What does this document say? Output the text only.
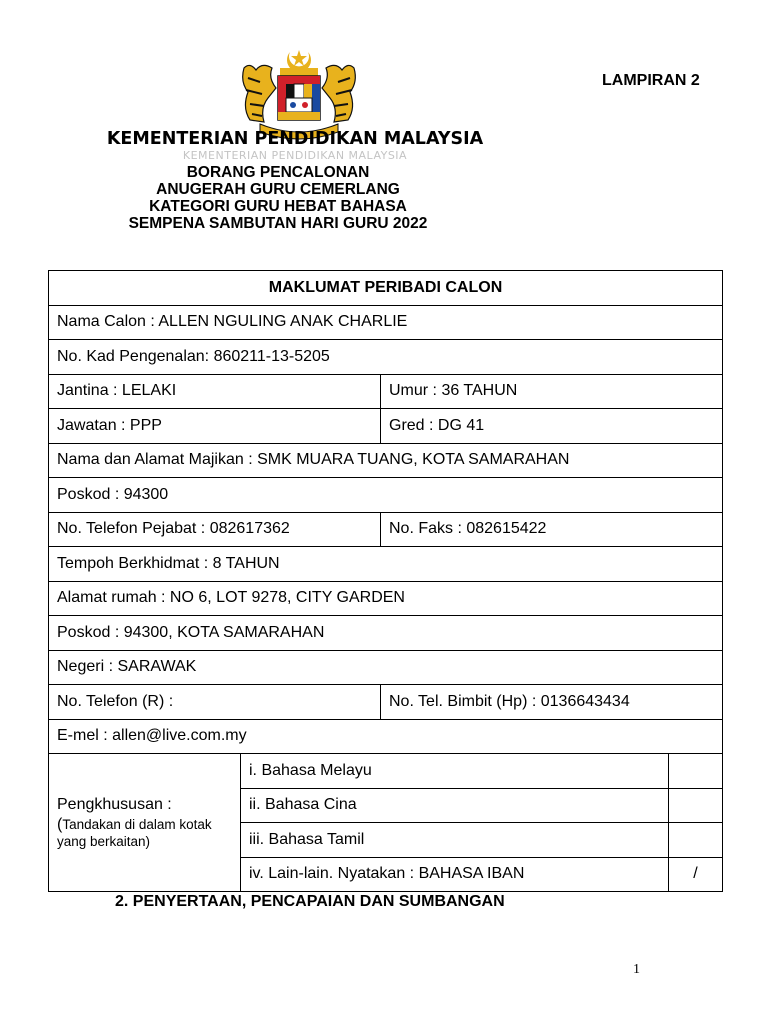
LAMPIRAN 2
KEMENTERIAN PENDIDIKAN MALAYSIA
KEMENTERIAN PENDIDIKAN MALAYSIA
BORANG PENCALONAN
ANUGERAH GURU CEMERLANG
KATEGORI GURU HEBAT BAHASA
SEMPENA SAMBUTAN HARI GURU 2022
MAKLUMAT PERIBADI CALON			
Nama Calon : ALLEN NGULING ANAK CHARLIE			
No. Kad Pengenalan: 860211-13-5205			
Jantina : LELAKI		Umur : 36 TAHUN	
Jawatan : PPP		Gred : DG 41	
Nama dan Alamat Majikan : SMK MUARA TUANG, KOTA SAMARAHAN			
Poskod : 94300			
No. Telefon Pejabat : 082617362		No. Faks : 082615422	
Tempoh Berkhidmat : 8 TAHUN			
Alamat rumah : NO 6, LOT 9278, CITY GARDEN			
Poskod : 94300, KOTA SAMARAHAN			
Negeri : SARAWAK			
No. Telefon (R) :		No. Tel. Bimbit (Hp) : 0136643434	
E-mel : allen@live.com.my			
Pengkhususan :
(Tandakan di dalam kotak yang berkaitan)	i. Bahasa Melayu		
	ii. Bahasa Cina		
	iii. Bahasa Tamil		
	iv. Lain-lain. Nyatakan : BAHASA IBAN		/
2. PENYERTAAN, PENCAPAIAN DAN SUMBANGAN
1
